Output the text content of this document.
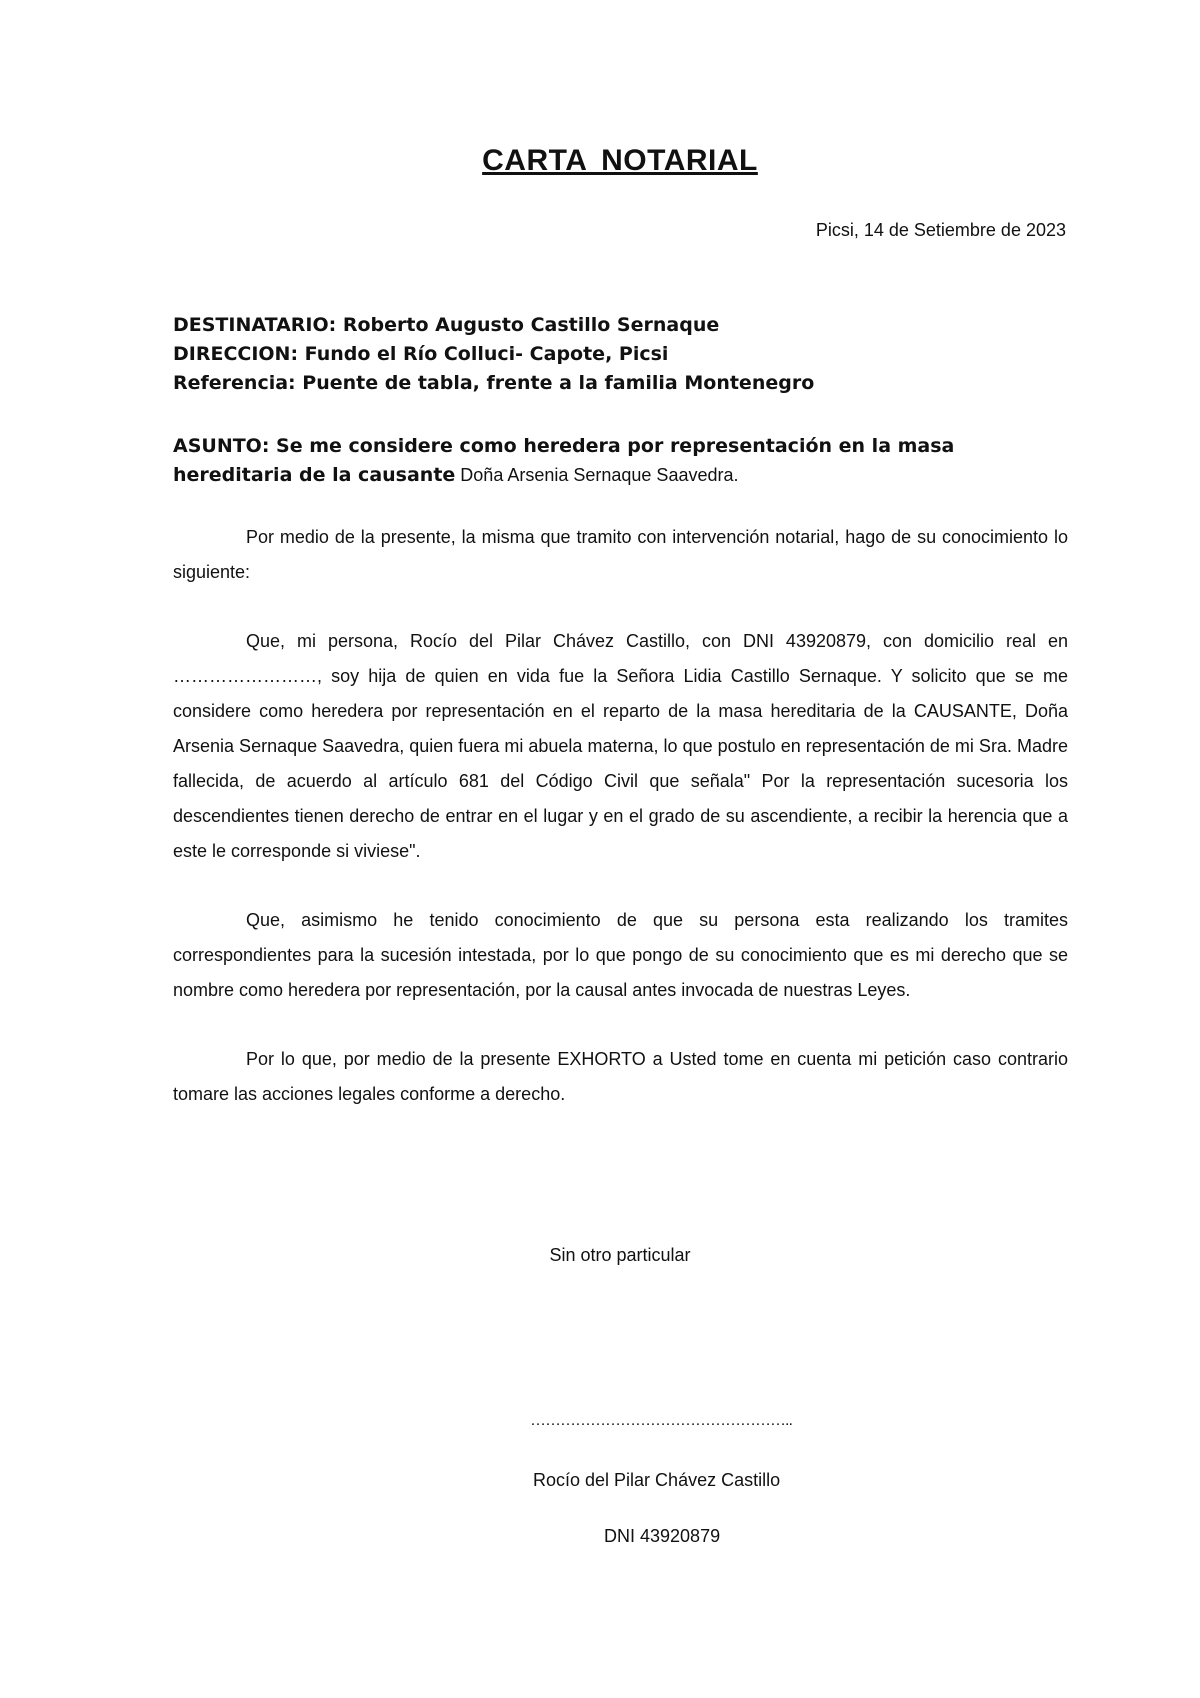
CARTA NOTARIAL
Picsi, 14 de Setiembre de 2023
DESTINATARIO: Roberto Augusto Castillo Sernaque
DIRECCION: Fundo el Río Colluci- Capote, Picsi
Referencia: Puente de tabla, frente a la familia Montenegro
ASUNTO: Se me considere como heredera por representación en la masa hereditaria de la causante Doña Arsenia Sernaque Saavedra.

Por medio de la presente, la misma que tramito con intervención notarial, hago de su conocimiento lo siguiente:

Que, mi persona, Rocío del Pilar Chávez Castillo, con DNI 43920879, con domicilio real en ……………………, soy hija de quien en vida fue la Señora Lidia Castillo Sernaque. Y solicito que se me considere como heredera por representación en el reparto de la masa hereditaria de la CAUSANTE, Doña Arsenia Sernaque Saavedra, quien fuera mi abuela materna, lo que postulo en representación de mi Sra. Madre fallecida, de acuerdo al artículo 681 del Código Civil que señala" Por la representación sucesoria los descendientes tienen derecho de entrar en el lugar y en el grado de su ascendiente, a recibir la herencia que a este le corresponde si viviese".

Que, asimismo he tenido conocimiento de que su persona esta realizando los tramites correspondientes para la sucesión intestada, por lo que pongo de su conocimiento que es mi derecho que se nombre como heredera por representación, por la causal antes invocada de nuestras Leyes.

Por lo que, por medio de la presente EXHORTO a Usted tome en cuenta mi petición caso contrario tomare las acciones legales conforme a derecho.

Sin otro particular
……………………………………………..
Rocío del Pilar Chávez Castillo
DNI 43920879
